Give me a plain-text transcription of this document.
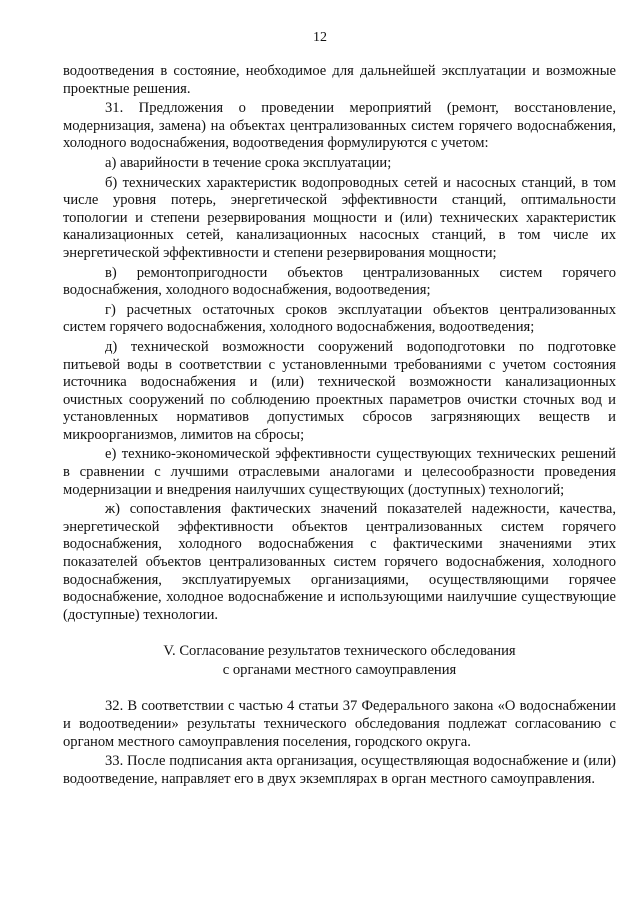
12

водоотведения в состояние, необходимое для дальнейшей эксплуатации и возможные проектные решения.

31. Предложения о проведении мероприятий (ремонт, восстановление, модернизация, замена) на объектах централизованных систем горячего водоснабжения, холодного водоснабжения, водоотведения формулируются с учетом:

а) аварийности в течение срока эксплуатации;

б) технических характеристик водопроводных сетей и насосных станций, в том числе уровня потерь, энергетической эффективности станций, оптимальности топологии и степени резервирования мощности и (или) технических характеристик канализационных сетей, канализационных насосных станций, в том числе их энергетической эффективности и степени резервирования мощности;

в) ремонтопригодности объектов централизованных систем горячего водоснабжения, холодного водоснабжения, водоотведения;

г) расчетных остаточных сроков эксплуатации объектов централизованных систем горячего водоснабжения, холодного водоснабжения, водоотведения;

д) технической возможности сооружений водоподготовки по подготовке питьевой воды в соответствии с установленными требованиями с учетом состояния источника водоснабжения и (или) технической возможности канализационных очистных сооружений по соблюдению проектных параметров очистки сточных вод и установленных нормативов допустимых сбросов загрязняющих веществ и микроорганизмов, лимитов на сбросы;

е) технико-экономической эффективности существующих технических решений в сравнении с лучшими отраслевыми аналогами и целесообразности проведения модернизации и внедрения наилучших существующих (доступных) технологий;

ж) сопоставления фактических значений показателей надежности, качества, энергетической эффективности объектов централизованных систем горячего водоснабжения, холодного водоснабжения с фактическими значениями этих показателей объектов централизованных систем горячего водоснабжения, холодного водоснабжения, эксплуатируемых организациями, осуществляющими горячее водоснабжение, холодное водоснабжение и использующими наилучшие существующие (доступные) технологии.

V. Согласование результатов технического обследования
с органами местного самоуправления

32. В соответствии с частью 4 статьи 37 Федерального закона «О водоснабжении и водоотведении» результаты технического обследования подлежат согласованию с органом местного самоуправления поселения, городского округа.

33. После подписания акта организация, осуществляющая водоснабжение и (или) водоотведение, направляет его в двух экземплярах в орган местного самоуправления.
